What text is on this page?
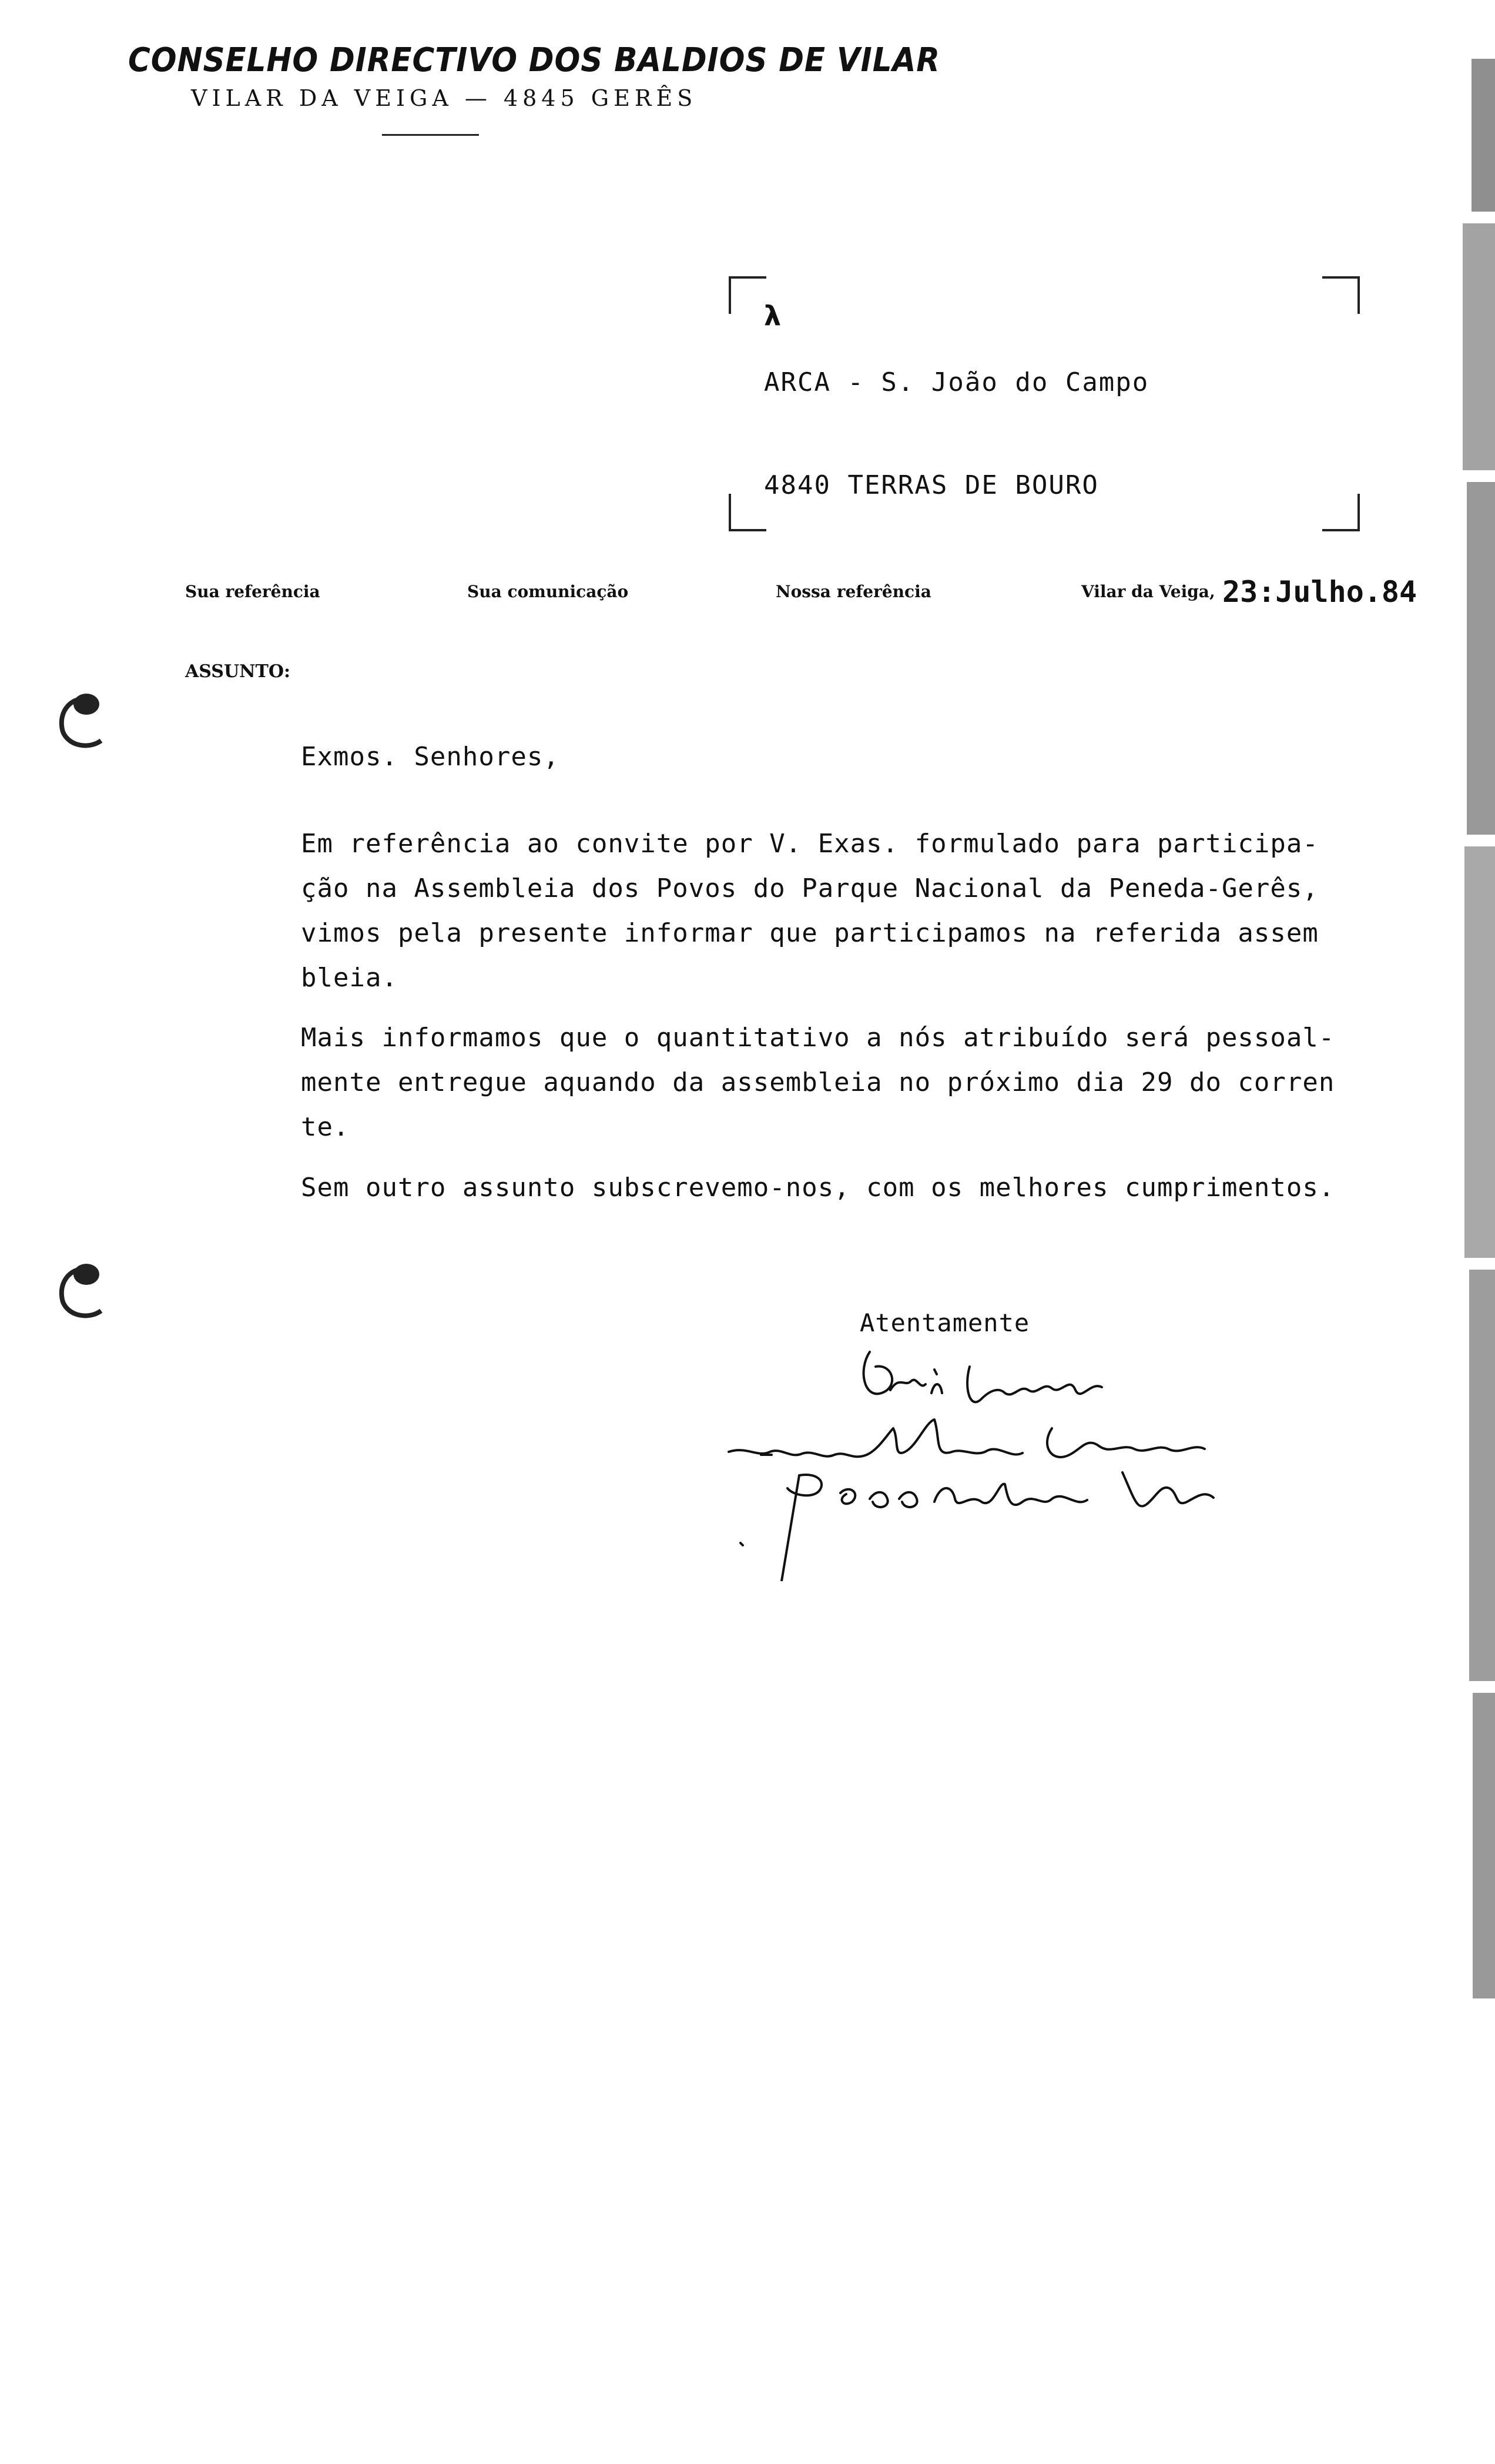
CONSELHO DIRECTIVO DOS BALDIOS DE VILAR
VILAR DA VEIGA — 4845 GERÊS
λ
ARCA - S. João do Campo
4840 TERRAS DE BOURO
Sua referência	Sua comunicação	Nossa referência	Vilar da Veiga, 23:Julho.84
ASSUNTO:
Exmos. Senhores,
Em referência ao convite por V. Exas. formulado para participa-
ção na Assembleia dos Povos do Parque Nacional da Peneda-Gerês,
vimos pela presente informar que participamos na referida assem
bleia.
Mais informamos que o quantitativo a nós atribuído será pessoal-
mente entregue aquando da assembleia no próximo dia 29 do corren
te.
Sem outro assunto subscrevemo-nos, com os melhores cumprimentos.
Atentamente
